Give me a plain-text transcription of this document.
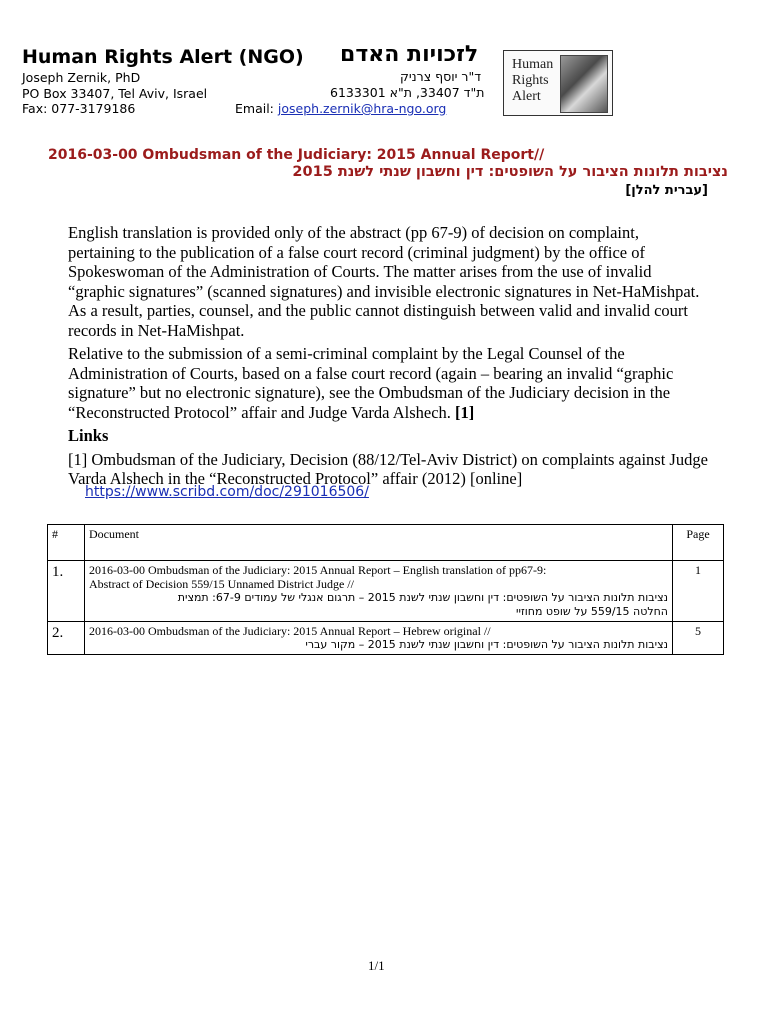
Human Rights Alert (NGO) לזכויות האדם
Joseph Zernik, PhD
PO Box 33407, Tel Aviv, Israel
Fax: 077-3179186
ד"ר יוסף צרניק
ת"ד 33407, ת"א 6133301
Email: joseph.zernik@hra-ngo.org
Human
Rights
Alert
2016-03-00 Ombudsman of the Judiciary: 2015 Annual Report//
נציבות תלונות הציבור על השופטים: דין וחשבון שנתי לשנת 2015
[עברית להלן]

English translation is provided only of the abstract (pp 67-9) of decision on complaint, pertaining to the publication of a false court record (criminal judgment) by the office of Spokeswoman of the Administration of Courts. The matter arises from the use of invalid “graphic signatures” (scanned signatures) and invisible electronic signatures in Net-HaMishpat. As a result, parties, counsel, and the public cannot distinguish between valid and invalid court records in Net-HaMishpat.

Relative to the submission of a semi-criminal complaint by the Legal Counsel of the Administration of Courts, based on a false court record (again – bearing an invalid “graphic signature” but no electronic signature), see the Ombudsman of the Judiciary decision in the “Reconstructed Protocol” affair and Judge Varda Alshech. [1]

Links

[1] Ombudsman of the Judiciary, Decision (88/12/Tel-Aviv District) on complaints against Judge Varda Alshech in the “Reconstructed Protocol” affair (2012) [online]

https://www.scribd.com/doc/291016506/
#	Document	Page
1.	2016-03-00 Ombudsman of the Judiciary: 2015 Annual Report – English translation of pp67-9:
Abstract of Decision 559/15 Unnamed District Judge //
נציבות תלונות הציבור על השופטים: דין וחשבון שנתי לשנת 2015 – תרגום אנגלי של עמודים 67-9: תמצית
החלטה 559/15 על שופט מחוזיי	1
2.	2016-03-00 Ombudsman of the Judiciary: 2015 Annual Report – Hebrew original //
נציבות תלונות הציבור על השופטים: דין וחשבון שנתי לשנת 2015 – מקור עברי	5
1/1
